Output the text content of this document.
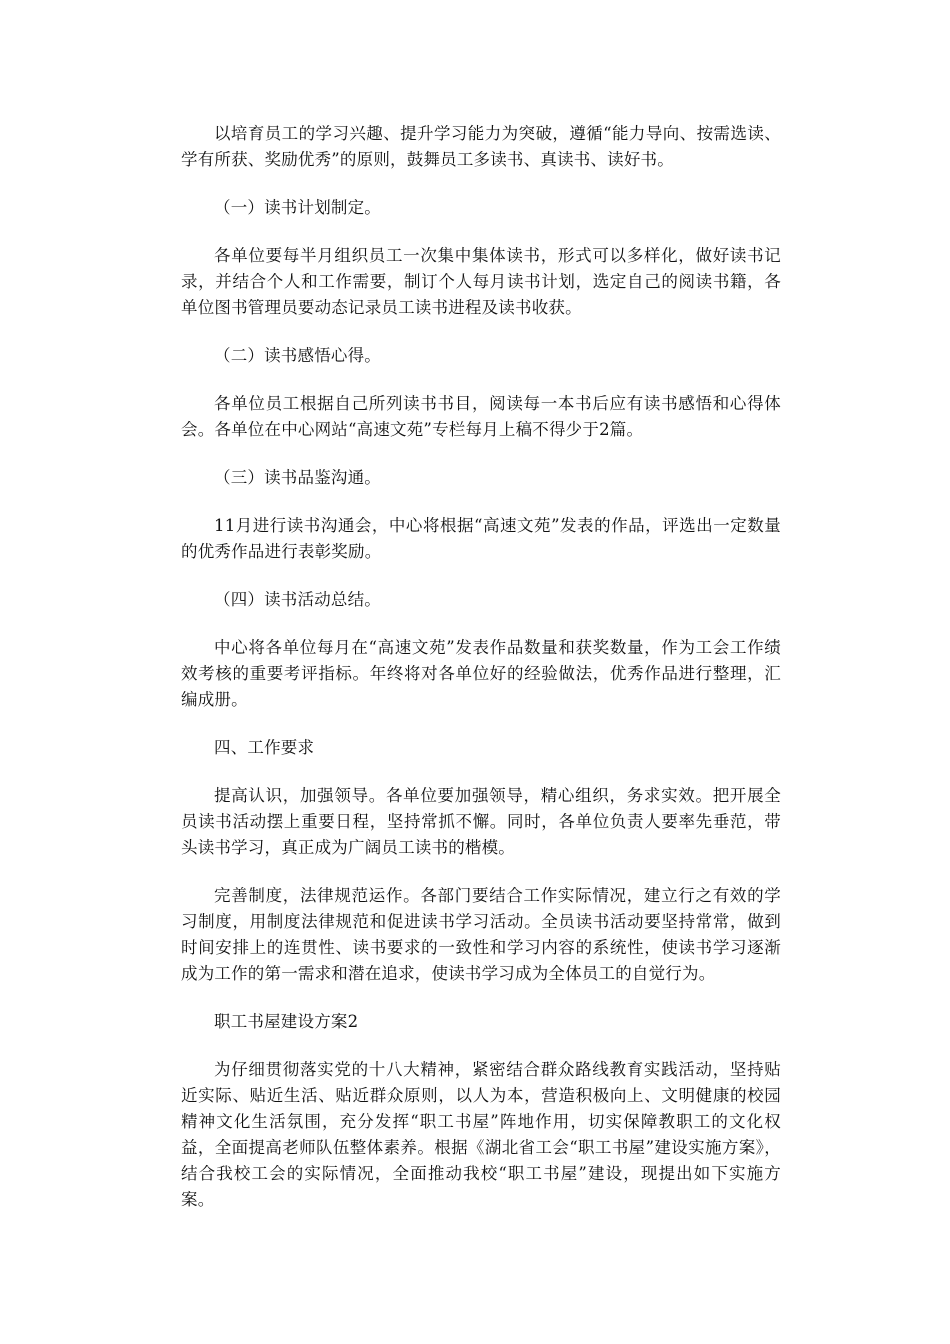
以培育员工的学习兴趣、提升学习能力为突破，遵循“能力导向、按需选读、学有所获、奖励优秀”的原则，鼓舞员工多读书、真读书、读好书。

（一）读书计划制定。

各单位要每半月组织员工一次集中集体读书，形式可以多样化，做好读书记录，并结合个人和工作需要，制订个人每月读书计划，选定自己的阅读书籍，各单位图书管理员要动态记录员工读书进程及读书收获。

（二）读书感悟心得。

各单位员工根据自己所列读书书目，阅读每一本书后应有读书感悟和心得体会。各单位在中心网站“高速文苑”专栏每月上稿不得少于2篇。

（三）读书品鉴沟通。

11月进行读书沟通会，中心将根据“高速文苑”发表的作品，评选出一定数量的优秀作品进行表彰奖励。

（四）读书活动总结。

中心将各单位每月在“高速文苑”发表作品数量和获奖数量，作为工会工作绩效考核的重要考评指标。年终将对各单位好的经验做法，优秀作品进行整理，汇编成册。

四、工作要求

提高认识，加强领导。各单位要加强领导，精心组织，务求实效。把开展全员读书活动摆上重要日程，坚持常抓不懈。同时，各单位负责人要率先垂范，带头读书学习，真正成为广阔员工读书的楷模。

完善制度，法律规范运作。各部门要结合工作实际情况，建立行之有效的学习制度，用制度法律规范和促进读书学习活动。全员读书活动要坚持常常，做到时间安排上的连贯性、读书要求的一致性和学习内容的系统性，使读书学习逐渐成为工作的第一需求和潜在追求，使读书学习成为全体员工的自觉行为。

职工书屋建设方案2

为仔细贯彻落实党的十八大精神，紧密结合群众路线教育实践活动，坚持贴近实际、贴近生活、贴近群众原则，以人为本，营造积极向上、文明健康的校园精神文化生活氛围，充分发挥“职工书屋”阵地作用，切实保障教职工的文化权益，全面提高老师队伍整体素养。根据《湖北省工会“职工书屋”建设实施方案》，结合我校工会的实际情况，全面推动我校“职工书屋”建设，现提出如下实施方案。
